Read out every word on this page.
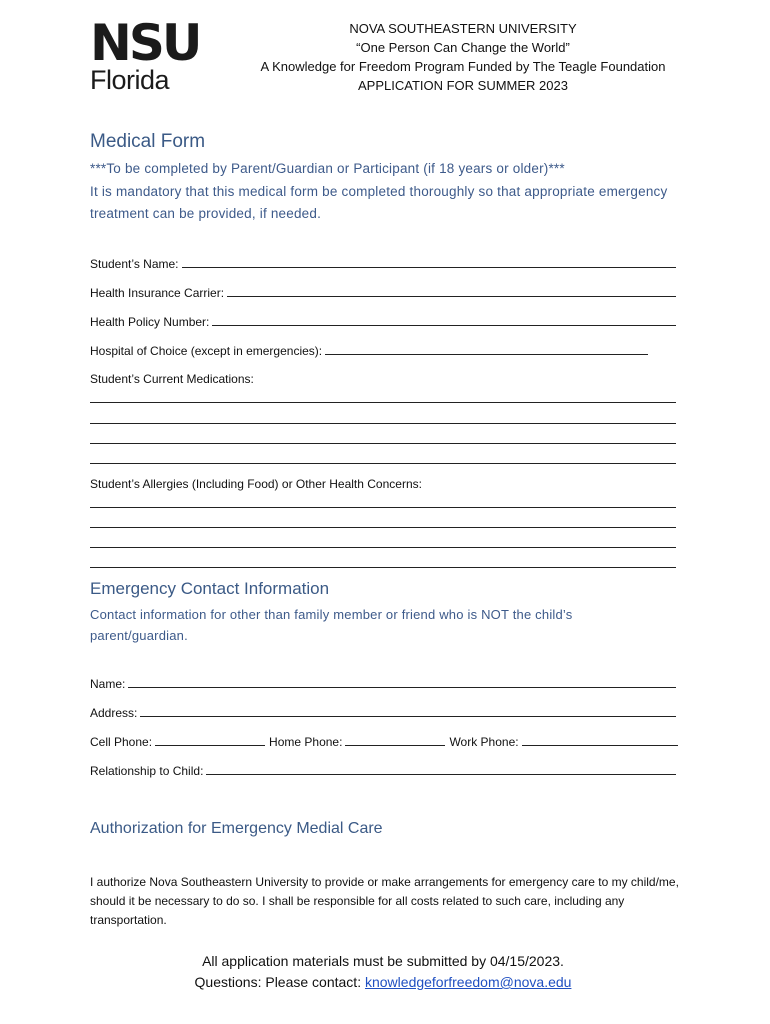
NSU
Florida
NOVA SOUTHEASTERN UNIVERSITY
“One Person Can Change the World”
A Knowledge for Freedom Program Funded by The Teagle Foundation
APPLICATION FOR SUMMER 2023
Medical Form
***To be completed by Parent/Guardian or Participant (if 18 years or older)***
It is mandatory that this medical form be completed thoroughly so that appropriate emergency treatment can be provided, if needed.
Student’s Name:
Health Insurance Carrier:
Health Policy Number:
Hospital of Choice (except in emergencies):
Student’s Current Medications:
Student’s Allergies (Including Food) or Other Health Concerns:
Emergency Contact Information
Contact information for other than family member or friend who is NOT the child’s parent/guardian.
Name:
Address:
Cell Phone:	Home Phone:	Work Phone:
Relationship to Child:
Authorization for Emergency Medial Care
I authorize Nova Southeastern University to provide or make arrangements for emergency care to my child/me, should it be necessary to do so. I shall be responsible for all costs related to such care, including any transportation.
All application materials must be submitted by 04/15/2023.
Questions: Please contact: knowledgeforfreedom@nova.edu
